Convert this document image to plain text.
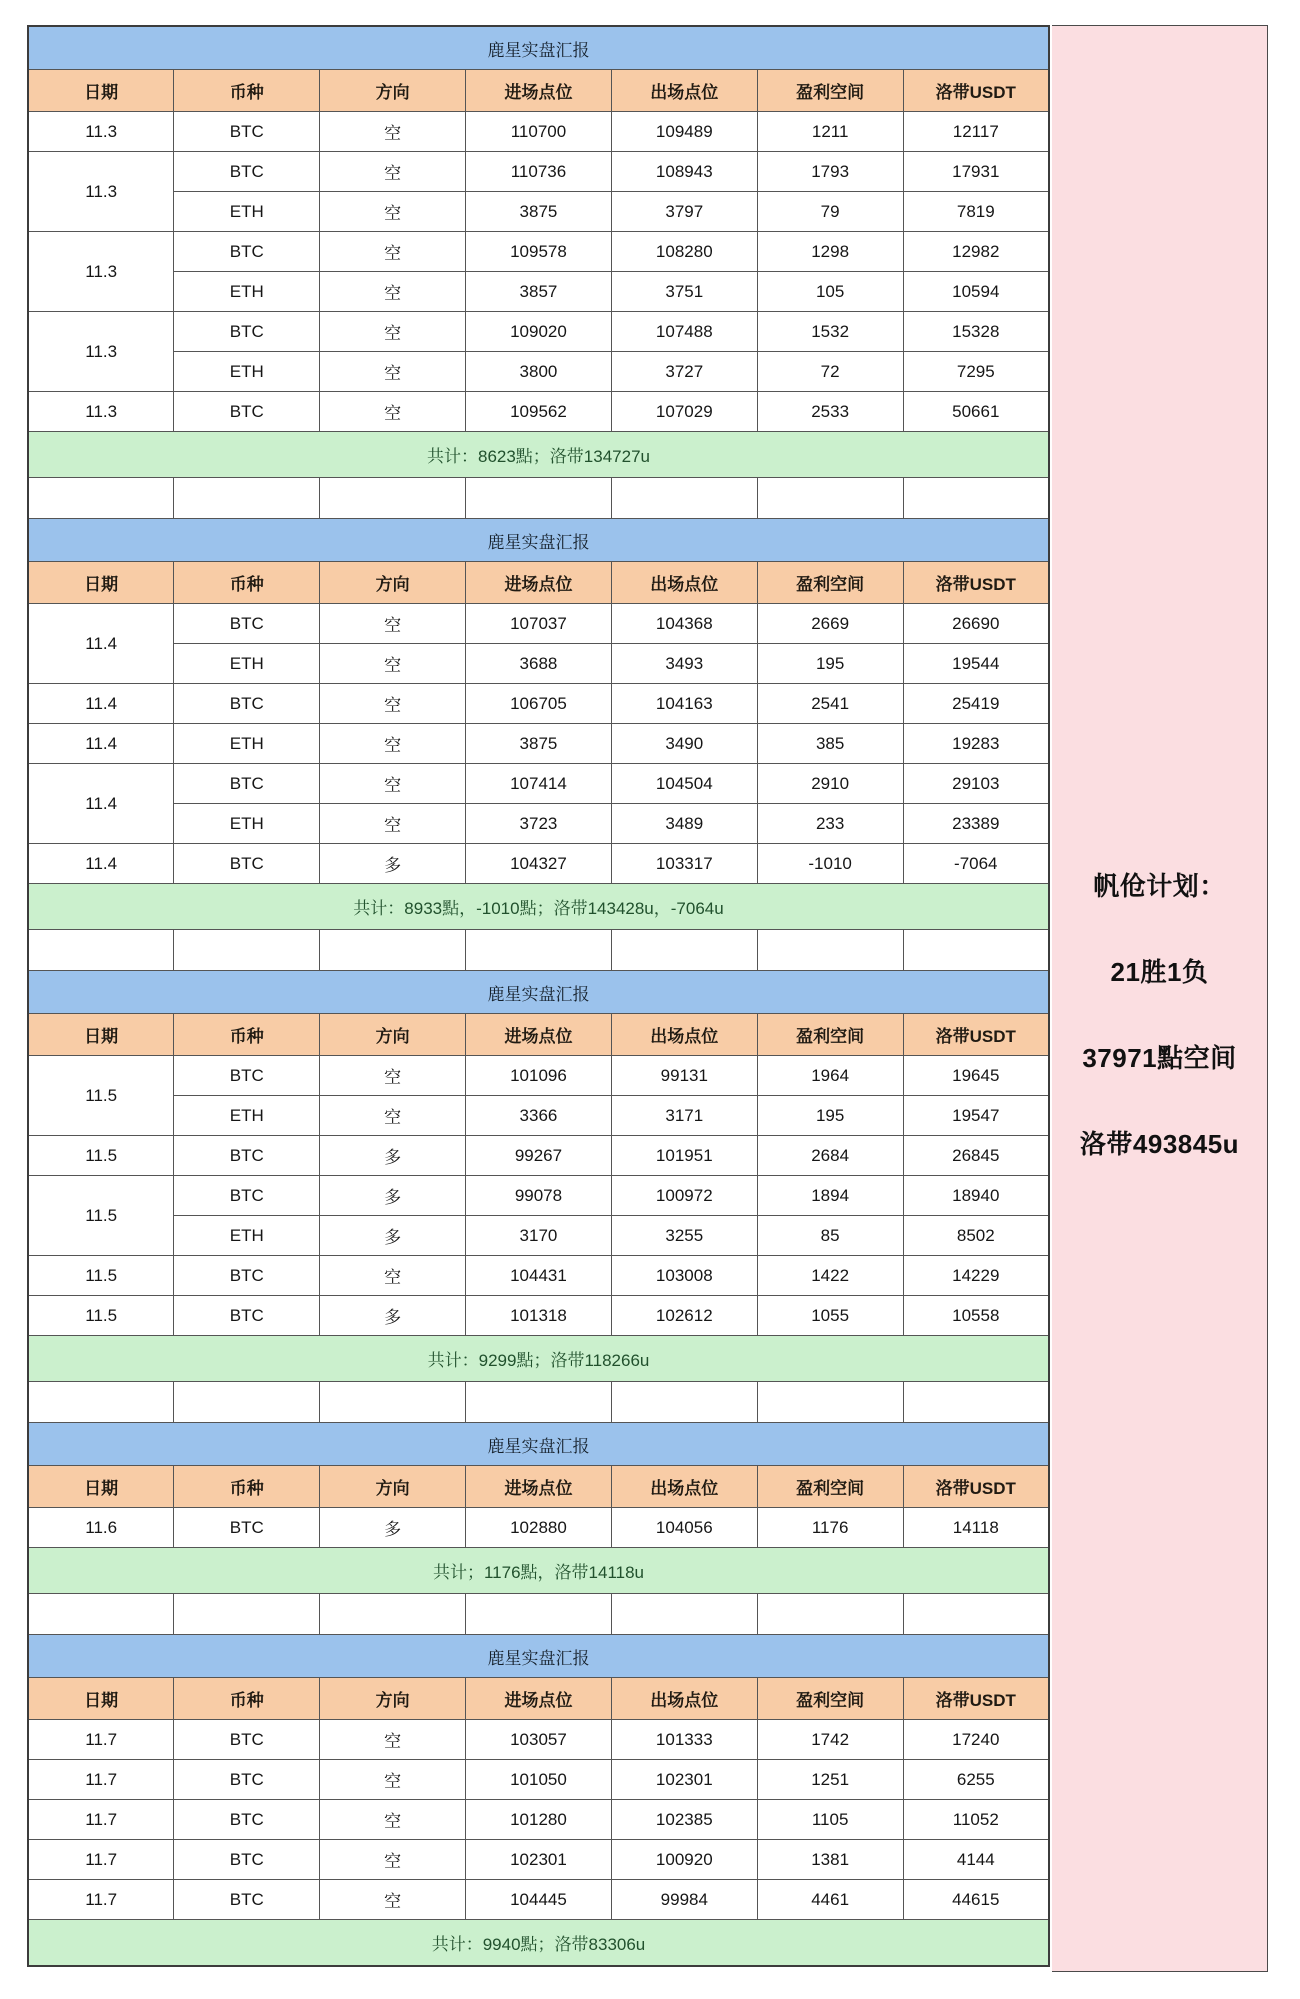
鹿星实盘汇报						
日期	币种	方向	进场点位	出场点位	盈利空间	洛带USDT
11.3	BTC	空	110700	109489	1211	12117
11.3	BTC	空	110736	108943	1793	17931
	ETH	空	3875	3797	79	7819
11.3	BTC	空	109578	108280	1298	12982
	ETH	空	3857	3751	105	10594
11.3	BTC	空	109020	107488	1532	15328
	ETH	空	3800	3727	72	7295
11.3	BTC	空	109562	107029	2533	50661
共计：8623點；洛带134727u						

鹿星实盘汇报						
日期	币种	方向	进场点位	出场点位	盈利空间	洛带USDT
11.4	BTC	空	107037	104368	2669	26690
	ETH	空	3688	3493	195	19544
11.4	BTC	空	106705	104163	2541	25419
11.4	ETH	空	3875	3490	385	19283
11.4	BTC	空	107414	104504	2910	29103
	ETH	空	3723	3489	233	23389
11.4	BTC	多	104327	103317	-1010	-7064
共计：8933點，-1010點；洛带143428u，-7064u						

鹿星实盘汇报						
日期	币种	方向	进场点位	出场点位	盈利空间	洛带USDT
11.5	BTC	空	101096	99131	1964	19645
	ETH	空	3366	3171	195	19547
11.5	BTC	多	99267	101951	2684	26845
11.5	BTC	多	99078	100972	1894	18940
	ETH	多	3170	3255	85	8502
11.5	BTC	空	104431	103008	1422	14229
11.5	BTC	多	101318	102612	1055	10558
共计：9299點；洛带118266u						

鹿星实盘汇报						
日期	币种	方向	进场点位	出场点位	盈利空间	洛带USDT
11.6	BTC	多	102880	104056	1176	14118
共计；1176點，洛带14118u						

鹿星实盘汇报						
日期	币种	方向	进场点位	出场点位	盈利空间	洛带USDT
11.7	BTC	空	103057	101333	1742	17240
11.7	BTC	空	101050	102301	1251	6255
11.7	BTC	空	101280	102385	1105	11052
11.7	BTC	空	102301	100920	1381	4144
11.7	BTC	空	104445	99984	4461	44615
共计：9940點；洛带83306u						
帆伧计划：
21胜1负
37971點空间
洛带493845u
